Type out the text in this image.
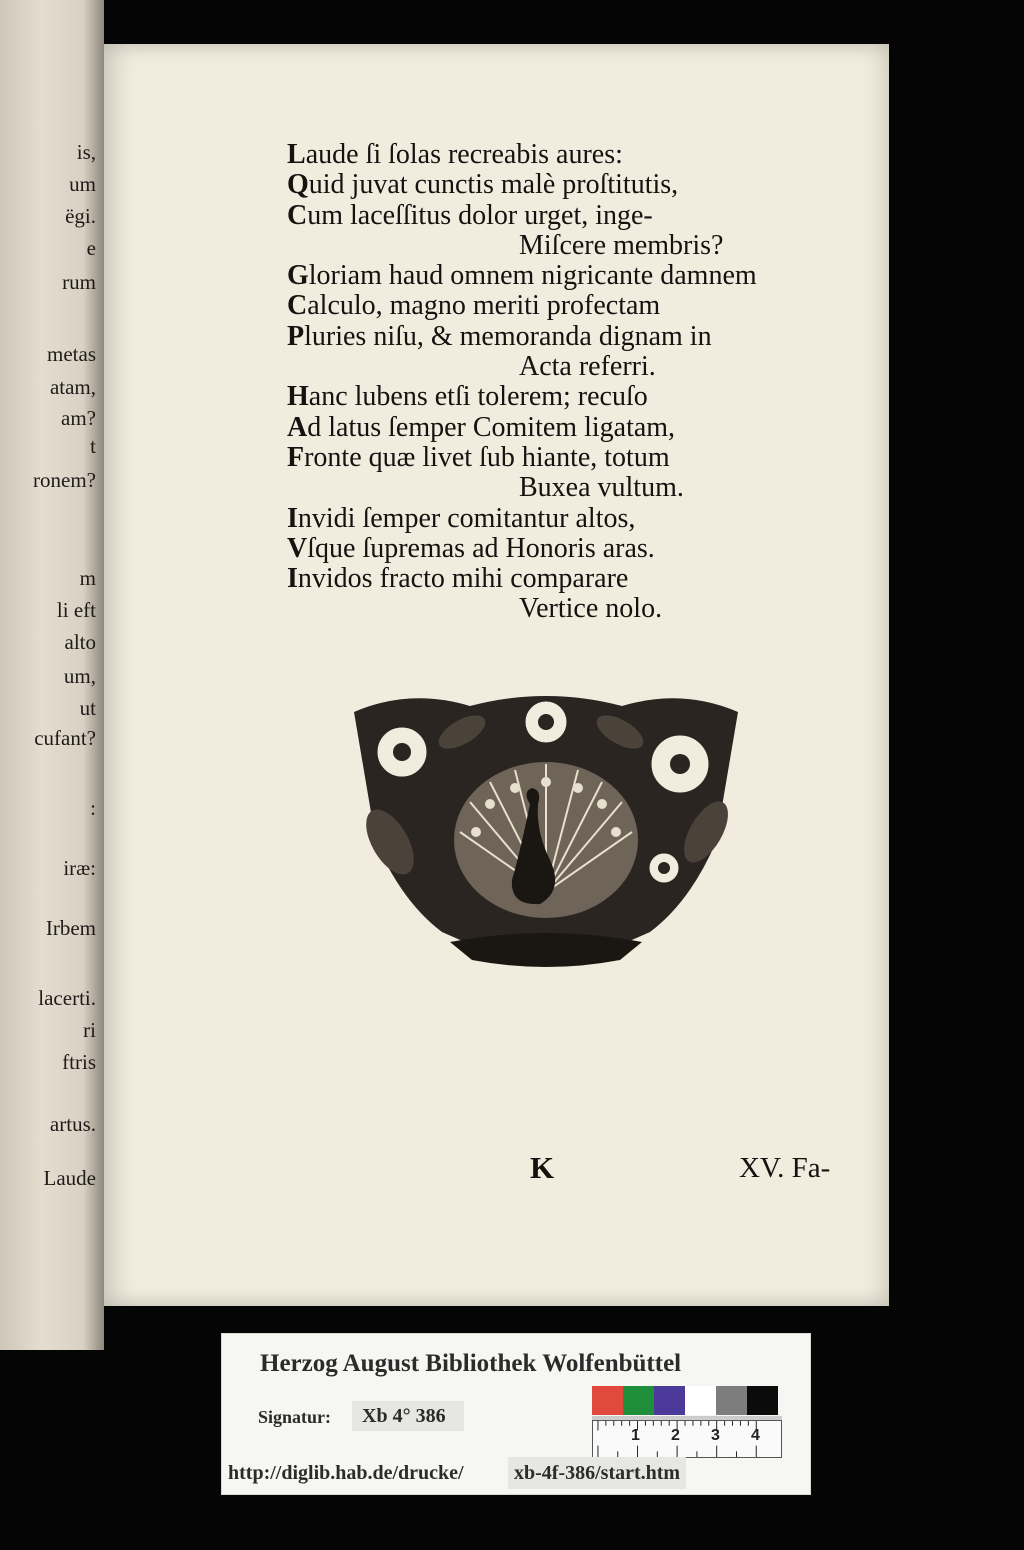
is,
um
ëgi.
e
rum
metas
atam,
am?
t
ronem?
m
li eft
alto
um,
ut
cufant?
:
iræ:
Irbem
lacerti.
ri
ftris
artus.
Laude

Laude ſi ſolas recreabis aures:
Quid juvat cunctis malè proſtitutis,
Cum laceſſitus dolor urget, inge-
Miſcere membris?
Gloriam haud omnem nigricante damnem
Calculo, magno meriti profectam
Pluries niſu, & memoranda dignam in
Acta referri.
Hanc lubens etſi tolerem; recuſo
Ad latus ſemper Comitem ligatam,
Fronte quæ livet ſub hiante, totum
Buxea vultum.
Invidi ſemper comitantur altos,
Vſque ſupremas ad Honoris aras.
Invidos fracto mihi comparare
Vertice nolo.
K	XV. Fa-
Herzog August Bibliothek Wolfenbüttel
Signatur:	Xb 4° 386
1 2 3 4
http://diglib.hab.de/drucke/	xb-4f-386/start.htm
